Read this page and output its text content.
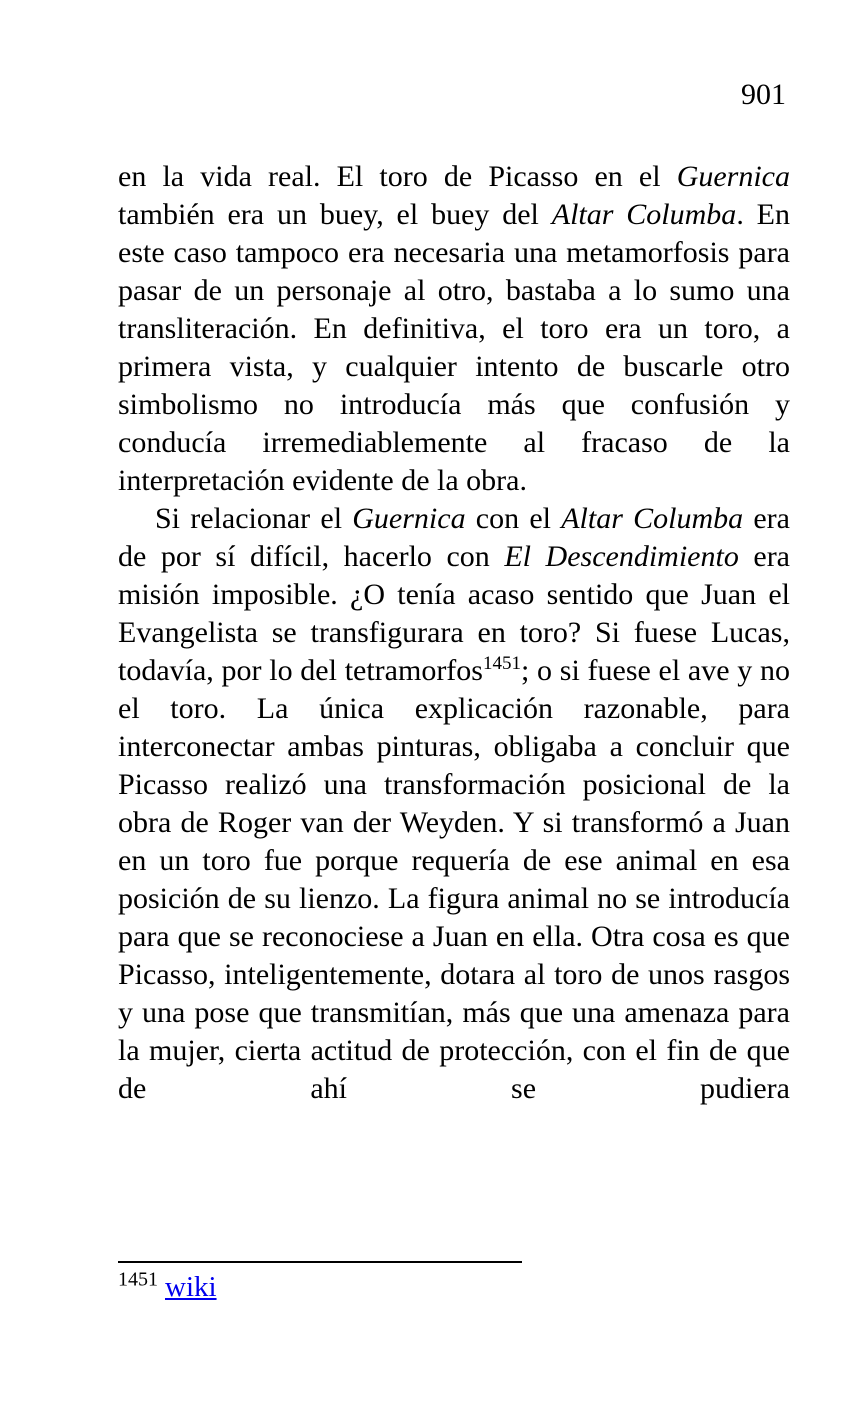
901

en la vida real. El toro de Picasso en el Guernica también era un buey, el buey del Altar Columba. En este caso tampoco era necesaria una metamorfosis para pasar de un personaje al otro, bastaba a lo sumo una transliteración. En definitiva, el toro era un toro, a primera vista, y cualquier intento de buscarle otro simbolismo no introducía más que confusión y conducía irremediablemente al fracaso de la interpretación evidente de la obra.

Si relacionar el Guernica con el Altar Columba era de por sí difícil, hacerlo con El Descendimiento era misión imposible. ¿O tenía acaso sentido que Juan el Evangelista se transfigurara en toro? Si fuese Lucas, todavía, por lo del tetramorfos$^{1451}$; o si fuese el ave y no el toro. La única explicación razonable, para interconectar ambas pinturas, obligaba a concluir que Picasso realizó una transformación posicional de la obra de Roger van der Weyden. Y si transformó a Juan en un toro fue porque requería de ese animal en esa posición de su lienzo. La figura animal no se introducía para que se reconociese a Juan en ella. Otra cosa es que Picasso, inteligentemente, dotara al toro de unos rasgos y una pose que transmitían, más que una amenaza para la mujer, cierta actitud de protección, con el fin de que de ahí se pudiera

$^{1451}$ wiki
